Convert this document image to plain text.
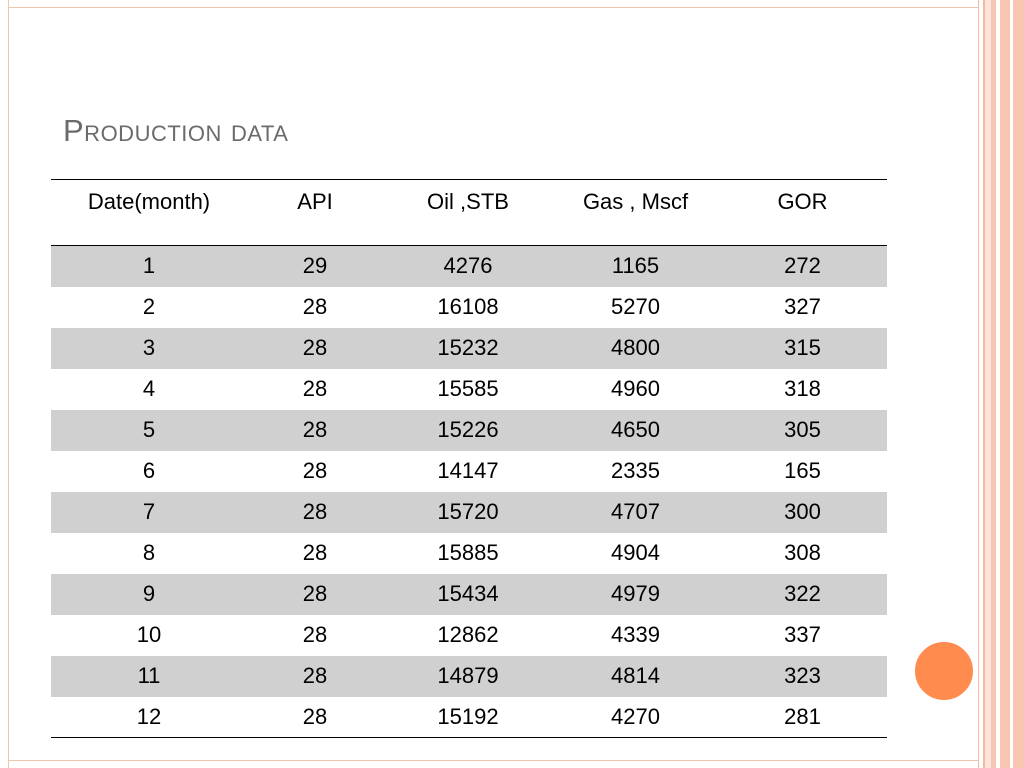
Production data
Date(month)	API	Oil ,STB	Gas , Mscf	GOR
1	29	4276	1165	272
2	28	16108	5270	327
3	28	15232	4800	315
4	28	15585	4960	318
5	28	15226	4650	305
6	28	14147	2335	165
7	28	15720	4707	300
8	28	15885	4904	308
9	28	15434	4979	322
10	28	12862	4339	337
11	28	14879	4814	323
12	28	15192	4270	281
